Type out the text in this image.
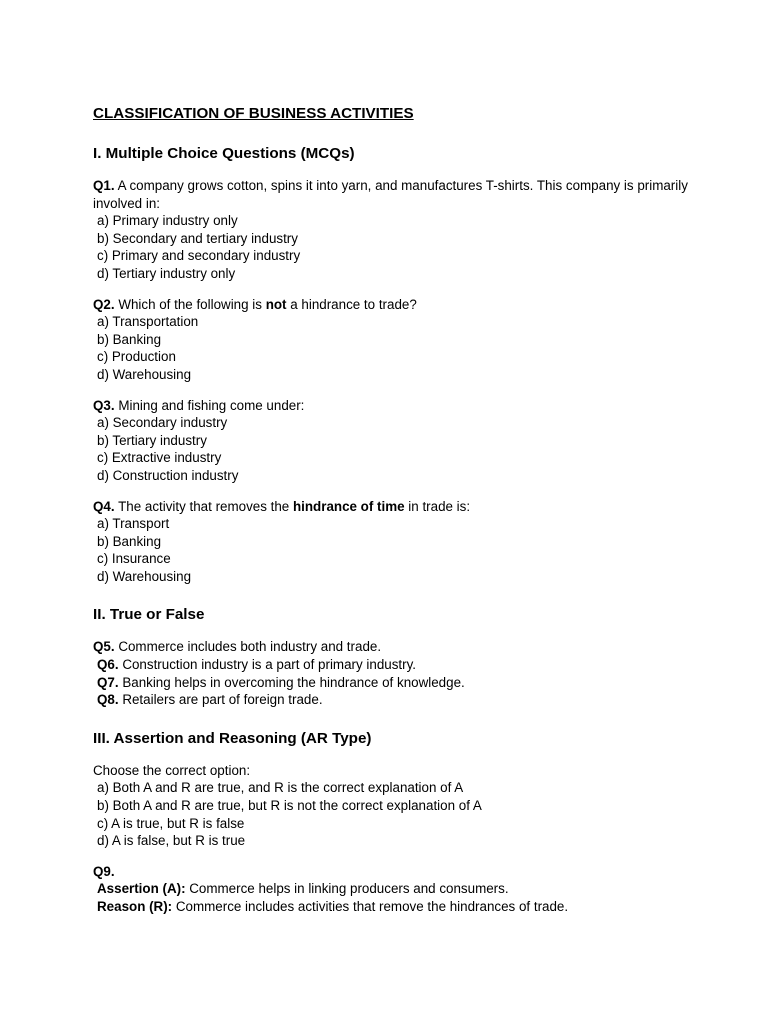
CLASSIFICATION OF BUSINESS ACTIVITIES
I. Multiple Choice Questions (MCQs)
Q1. A company grows cotton, spins it into yarn, and manufactures T-shirts. This company is primarily involved in:
a) Primary industry only
b) Secondary and tertiary industry
c) Primary and secondary industry
d) Tertiary industry only
Q2. Which of the following is not a hindrance to trade?
a) Transportation
b) Banking
c) Production
d) Warehousing
Q3. Mining and fishing come under:
a) Secondary industry
b) Tertiary industry
c) Extractive industry
d) Construction industry
Q4. The activity that removes the hindrance of time in trade is:
a) Transport
b) Banking
c) Insurance
d) Warehousing
II. True or False
Q5. Commerce includes both industry and trade.
Q6. Construction industry is a part of primary industry.
Q7. Banking helps in overcoming the hindrance of knowledge.
Q8. Retailers are part of foreign trade.
III. Assertion and Reasoning (AR Type)
Choose the correct option:
a) Both A and R are true, and R is the correct explanation of A
b) Both A and R are true, but R is not the correct explanation of A
c) A is true, but R is false
d) A is false, but R is true
Q9.
Assertion (A): Commerce helps in linking producers and consumers.
Reason (R): Commerce includes activities that remove the hindrances of trade.
